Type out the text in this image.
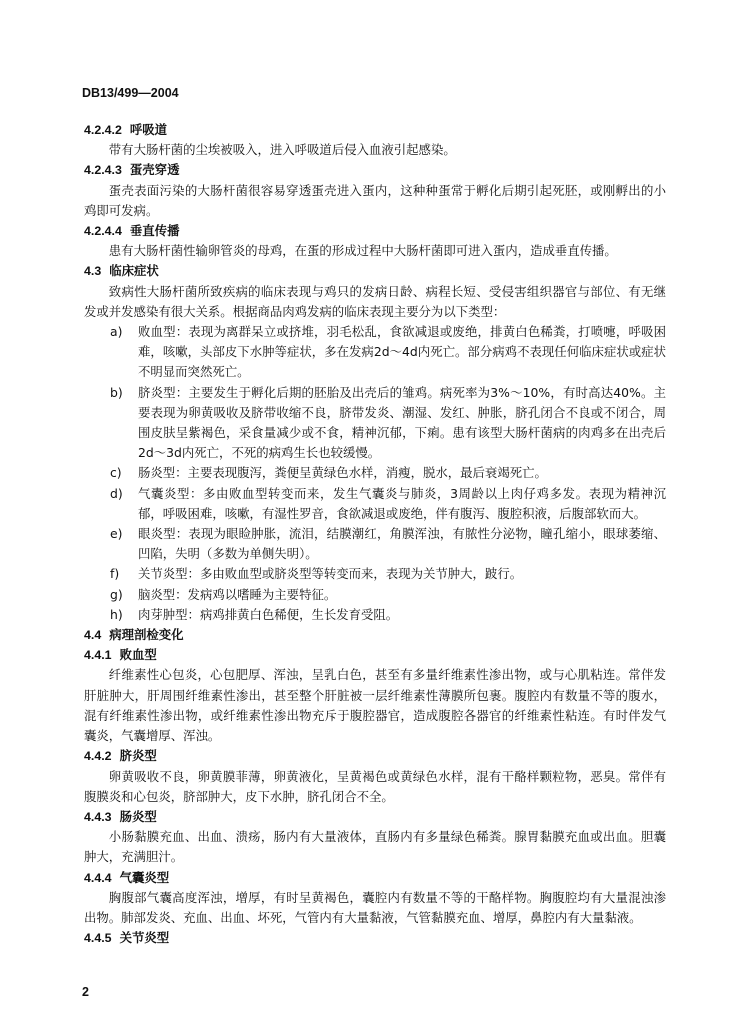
DB13/499—2004
4.2.4.2 呼吸道
带有大肠杆菌的尘埃被吸入，进入呼吸道后侵入血液引起感染。
4.2.4.3 蛋壳穿透
蛋壳表面污染的大肠杆菌很容易穿透蛋壳进入蛋内，这种种蛋常于孵化后期引起死胚，或刚孵出的小鸡即可发病。
4.2.4.4 垂直传播
患有大肠杆菌性输卵管炎的母鸡，在蛋的形成过程中大肠杆菌即可进入蛋内，造成垂直传播。
4.3 临床症状
致病性大肠杆菌所致疾病的临床表现与鸡只的发病日龄、病程长短、受侵害组织器官与部位、有无继发或并发感染有很大关系。根据商品肉鸡发病的临床表现主要分为以下类型：
a)	败血型：表现为离群呆立或挤堆，羽毛松乱，食欲减退或废绝，排黄白色稀粪，打喷嚏，呼吸困难，咳嗽，头部皮下水肿等症状，多在发病2d～4d内死亡。部分病鸡不表现任何临床症状或症状不明显而突然死亡。
b)	脐炎型：主要发生于孵化后期的胚胎及出壳后的雏鸡。病死率为3%～10%，有时高达40%。主要表现为卵黄吸收及脐带收缩不良，脐带发炎、潮湿、发红、肿胀，脐孔闭合不良或不闭合，周围皮肤呈紫褐色，采食量减少或不食，精神沉郁，下痢。患有该型大肠杆菌病的肉鸡多在出壳后2d～3d内死亡，不死的病鸡生长也较缓慢。
c)	肠炎型：主要表现腹泻，粪便呈黄绿色水样，消瘦，脱水，最后衰竭死亡。
d)	气囊炎型：多由败血型转变而来，发生气囊炎与肺炎，3周龄以上肉仔鸡多发。表现为精神沉郁，呼吸困难，咳嗽，有湿性罗音，食欲减退或废绝，伴有腹泻、腹腔积液，后腹部软而大。
e)	眼炎型：表现为眼睑肿胀，流泪，结膜潮红，角膜浑浊，有脓性分泌物，瞳孔缩小，眼球萎缩、凹陷，失明（多数为单侧失明）。
f)	关节炎型：多由败血型或脐炎型等转变而来，表现为关节肿大，跛行。
g)	脑炎型：发病鸡以嗜睡为主要特征。
h)	肉芽肿型：病鸡排黄白色稀便，生长发育受阻。
4.4 病理剖检变化
4.4.1 败血型
纤维素性心包炎，心包肥厚、浑浊，呈乳白色，甚至有多量纤维素性渗出物，或与心肌粘连。常伴发肝脏肿大，肝周围纤维素性渗出，甚至整个肝脏被一层纤维素性薄膜所包裹。腹腔内有数量不等的腹水，混有纤维素性渗出物，或纤维素性渗出物充斥于腹腔器官，造成腹腔各器官的纤维素性粘连。有时伴发气囊炎，气囊增厚、浑浊。
4.4.2 脐炎型
卵黄吸收不良，卵黄膜菲薄，卵黄液化，呈黄褐色或黄绿色水样，混有干酪样颗粒物，恶臭。常伴有腹膜炎和心包炎，脐部肿大，皮下水肿，脐孔闭合不全。
4.4.3 肠炎型
小肠黏膜充血、出血、溃疡，肠内有大量液体，直肠内有多量绿色稀粪。腺胃黏膜充血或出血。胆囊肿大，充满胆汁。
4.4.4 气囊炎型
胸腹部气囊高度浑浊，增厚，有时呈黄褐色，囊腔内有数量不等的干酪样物。胸腹腔均有大量混浊渗出物。肺部发炎、充血、出血、坏死，气管内有大量黏液，气管黏膜充血、增厚，鼻腔内有大量黏液。
4.4.5 关节炎型
2
